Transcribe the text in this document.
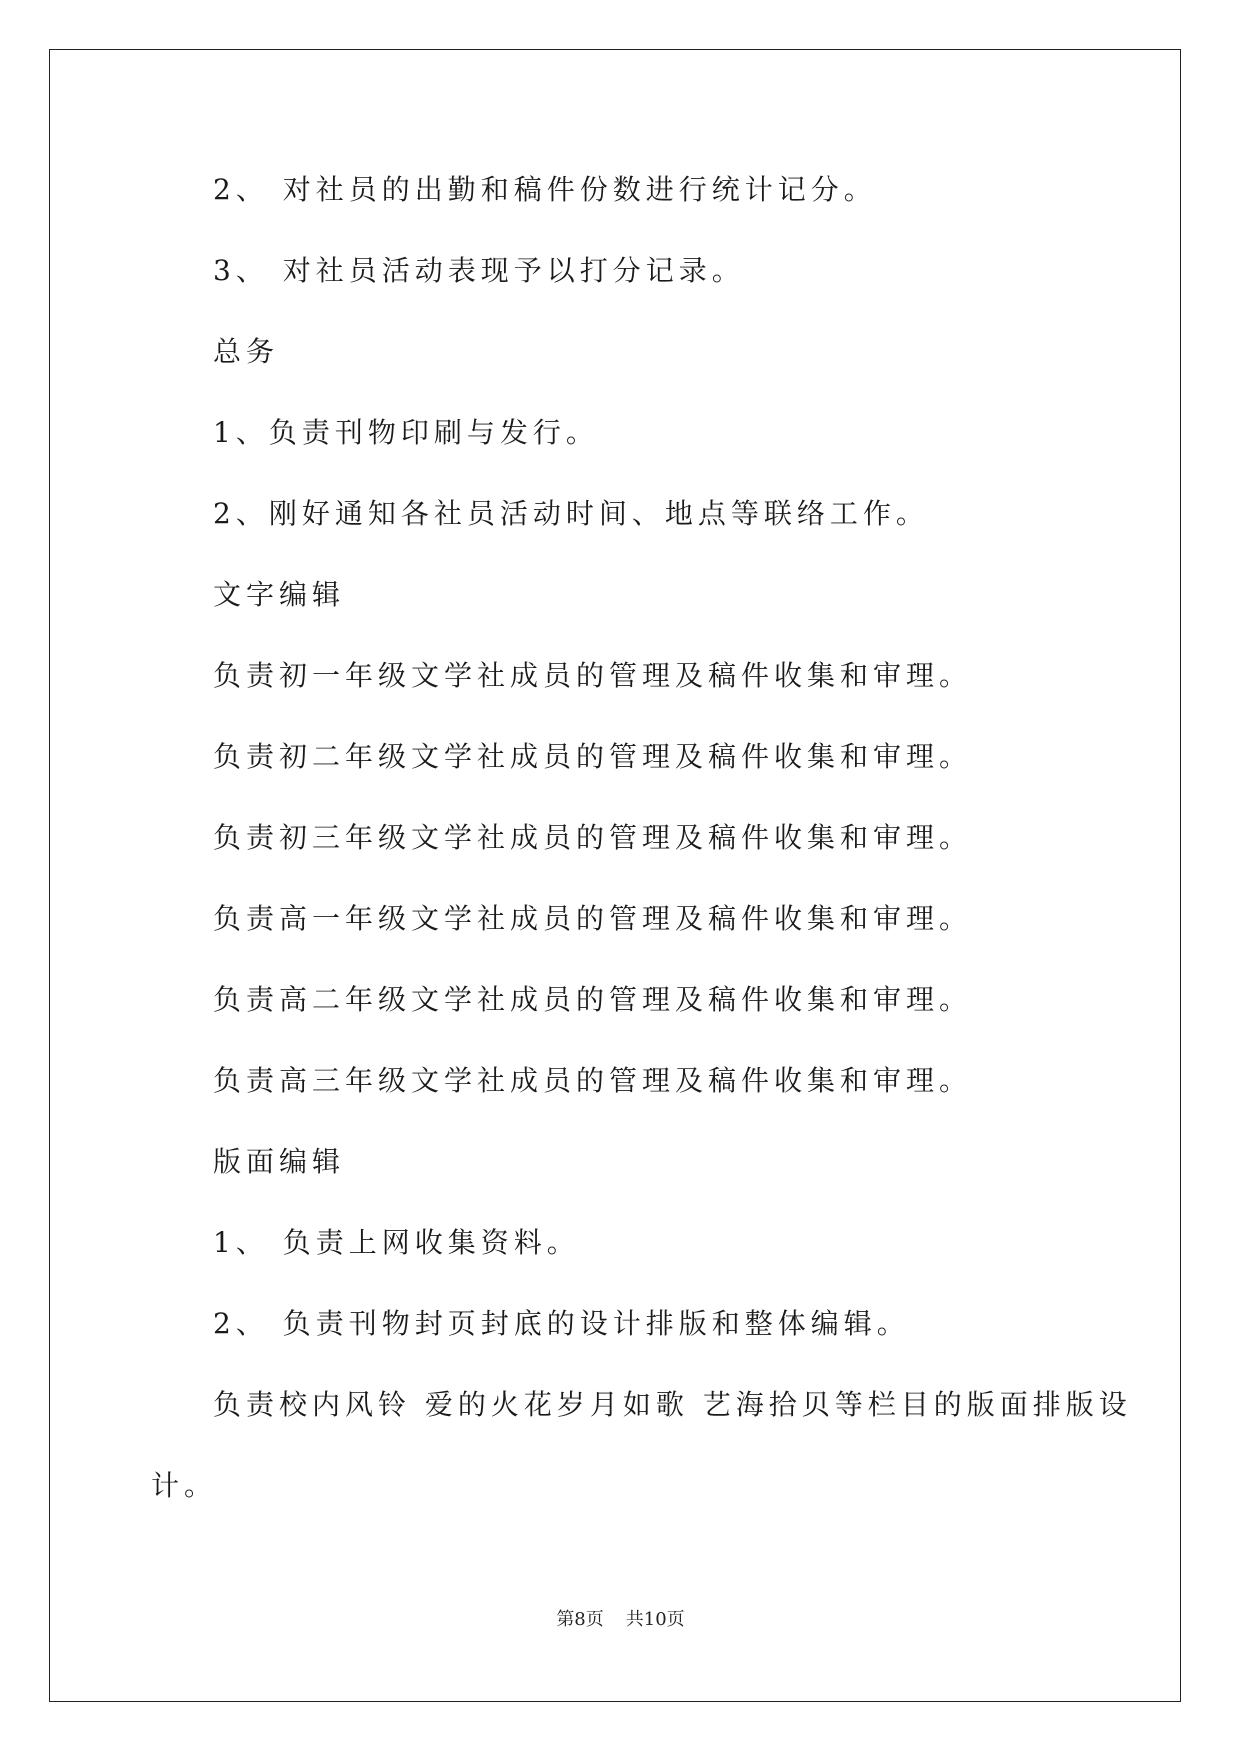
2、 对社员的出勤和稿件份数进行统计记分。
3、 对社员活动表现予以打分记录。
总务
1、负责刊物印刷与发行。
2、刚好通知各社员活动时间、地点等联络工作。
文字编辑
负责初一年级文学社成员的管理及稿件收集和审理。
负责初二年级文学社成员的管理及稿件收集和审理。
负责初三年级文学社成员的管理及稿件收集和审理。
负责高一年级文学社成员的管理及稿件收集和审理。
负责高二年级文学社成员的管理及稿件收集和审理。
负责高三年级文学社成员的管理及稿件收集和审理。
版面编辑
1、 负责上网收集资料。
2、 负责刊物封页封底的设计排版和整体编辑。
负责校内风铃 爱的火花岁月如歌 艺海拾贝等栏目的版面排版设
计。
第8页 共10页
